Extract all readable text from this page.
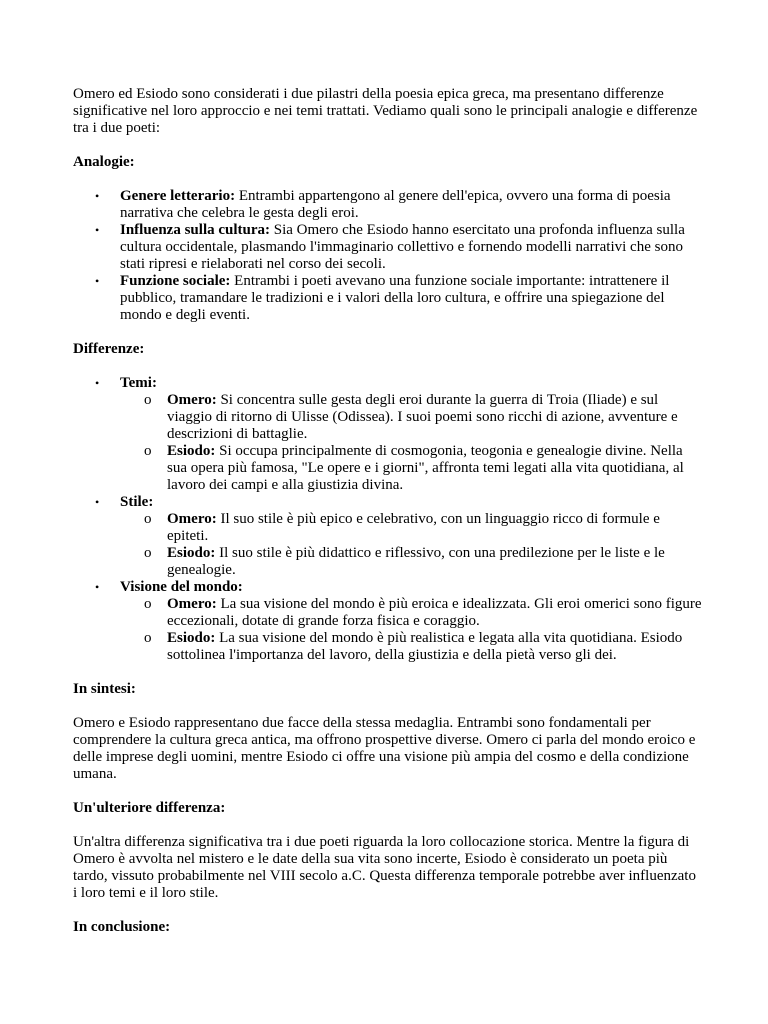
Omero ed Esiodo sono considerati i due pilastri della poesia epica greca, ma presentano differenze significative nel loro approccio e nei temi trattati. Vediamo quali sono le principali analogie e differenze tra i due poeti:

Analogie:

• Genere letterario: Entrambi appartengono al genere dell'epica, ovvero una forma di poesia narrativa che celebra le gesta degli eroi.
• Influenza sulla cultura: Sia Omero che Esiodo hanno esercitato una profonda influenza sulla cultura occidentale, plasmando l'immaginario collettivo e fornendo modelli narrativi che sono stati ripresi e rielaborati nel corso dei secoli.
• Funzione sociale: Entrambi i poeti avevano una funzione sociale importante: intrattenere il pubblico, tramandare le tradizioni e i valori della loro cultura, e offrire una spiegazione del mondo e degli eventi.

Differenze:

• Temi:
o Omero: Si concentra sulle gesta degli eroi durante la guerra di Troia (Iliade) e sul viaggio di ritorno di Ulisse (Odissea). I suoi poemi sono ricchi di azione, avventure e descrizioni di battaglie.
o Esiodo: Si occupa principalmente di cosmogonia, teogonia e genealogie divine. Nella sua opera più famosa, "Le opere e i giorni", affronta temi legati alla vita quotidiana, al lavoro dei campi e alla giustizia divina.
• Stile:
o Omero: Il suo stile è più epico e celebrativo, con un linguaggio ricco di formule e epiteti.
o Esiodo: Il suo stile è più didattico e riflessivo, con una predilezione per le liste e le genealogie.
• Visione del mondo:
o Omero: La sua visione del mondo è più eroica e idealizzata. Gli eroi omerici sono figure eccezionali, dotate di grande forza fisica e coraggio.
o Esiodo: La sua visione del mondo è più realistica e legata alla vita quotidiana. Esiodo sottolinea l'importanza del lavoro, della giustizia e della pietà verso gli dei.

In sintesi:

Omero e Esiodo rappresentano due facce della stessa medaglia. Entrambi sono fondamentali per comprendere la cultura greca antica, ma offrono prospettive diverse. Omero ci parla del mondo eroico e delle imprese degli uomini, mentre Esiodo ci offre una visione più ampia del cosmo e della condizione umana.

Un'ulteriore differenza:

Un'altra differenza significativa tra i due poeti riguarda la loro collocazione storica. Mentre la figura di Omero è avvolta nel mistero e le date della sua vita sono incerte, Esiodo è considerato un poeta più tardo, vissuto probabilmente nel VIII secolo a.C. Questa differenza temporale potrebbe aver influenzato i loro temi e il loro stile.

In conclusione:
